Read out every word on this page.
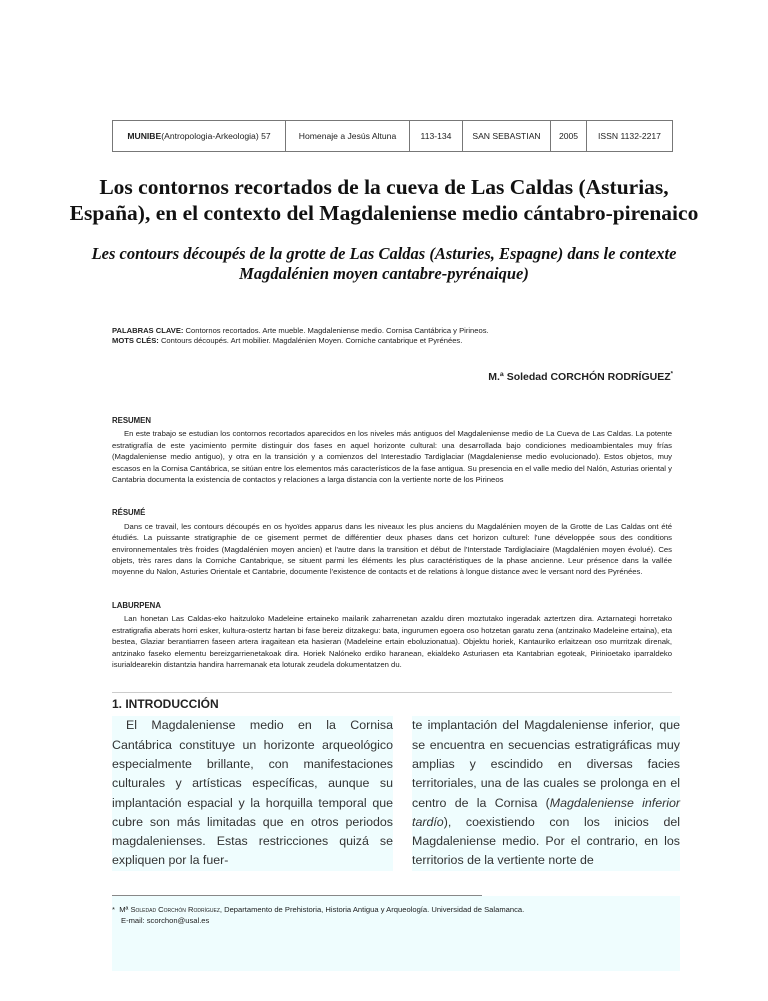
MUNIBE (Antropologia-Arkeologia) 57	Homenaje a Jesús Altuna	113-134	SAN SEBASTIAN	2005	ISSN 1132-2217
Los contornos recortados de la cueva de Las Caldas (Asturias, España), en el contexto del Magdaleniense medio cántabro-pirenaico
Les contours découpés de la grotte de Las Caldas (Asturies, Espagne) dans le contexte Magdalénien moyen cantabre-pyrénaique)
PALABRAS CLAVE: Contornos recortados. Arte mueble. Magdaleniense medio. Cornisa Cantábrica y Pirineos.
MOTS CLÉS: Contours découpés. Art mobilier. Magdalénien Moyen. Corniche cantabrique et Pyrénées.
M.ª Soledad CORCHÓN RODRÍGUEZ*
RESUMEN

En este trabajo se estudian los contornos recortados aparecidos en los niveles más antiguos del Magdaleniense medio de La Cueva de Las Caldas. La potente estratigrafía de este yacimiento permite distinguir dos fases en aquel horizonte cultural: una desarrollada bajo condiciones medioambientales muy frías (Magdaleniense medio antiguo), y otra en la transición y a comienzos del Interestadio Tardiglaciar (Magdaleniense medio evolucionado). Estos objetos, muy escasos en la Cornisa Cantábrica, se sitúan entre los elementos más característicos de la fase antigua. Su presencia en el valle medio del Nalón, Asturias oriental y Cantabria documenta la existencia de contactos y relaciones a larga distancia con la vertiente norte de los Pirineos

RÉSUMÉ

Dans ce travail, les contours découpés en os hyoïdes apparus dans les niveaux les plus anciens du Magdalénien moyen de la Grotte de Las Caldas ont été étudiés. La puissante stratigraphie de ce gisement permet de différentier deux phases dans cet horizon culturel: l'une développée sous des conditions environnementales très froides (Magdalénien moyen ancien) et l'autre dans la transition et début de l'Interstade Tardiglaciaire (Magdalénien moyen évolué). Ces objets, très rares dans la Corniche Cantabrique, se situent parmi les éléments les plus caractéristiques de la phase ancienne. Leur présence dans la vallée moyenne du Nalon, Asturies Orientale et Cantabrie, documente l'existence de contacts et de relations à longue distance avec le versant nord des Pyrénées.

LABURPENA

Lan honetan Las Caldas-eko haitzuloko Madeleine ertaineko mailarik zaharrenetan azaldu diren moztutako ingeradak aztertzen dira. Aztarnategi horretako estratigrafia aberats horri esker, kultura-ostertz hartan bi fase bereiz ditzakegu: bata, ingurumen egoera oso hotzetan garatu zena (antzinako Madeleine ertaina), eta bestea, Glaziar berantiarren faseen artera iragaitean eta hasieran (Madeleine ertain eboluzionatua). Objektu horiek, Kantauriko erlaitzean oso murritzak direnak, antzinako faseko elementu bereizgarrienetakoak dira. Horiek Nalóneko erdiko haranean, ekialdeko Asturiasen eta Kantabrian egoteak, Pirinioetako iparraldeko isurialdearekin distantzia handira harremanak eta loturak zeudela dokumentatzen du.

1. INTRODUCCIÓN

El Magdaleniense medio en la Cornisa Cantábrica constituye un horizonte arqueológico especialmente brillante, con manifestaciones culturales y artísticas específicas, aunque su implantación espacial y la horquilla temporal que cubre son más limitadas que en otros periodos magdalenienses. Estas restricciones quizá se expliquen por la fuer-

te implantación del Magdaleniense inferior, que se encuentra en secuencias estratigráficas muy amplias y escindido en diversas facies territoriales, una de las cuales se prolonga en el centro de la Cornisa (Magdaleniense inferior tardío), coexistiendo con los inicios del Magdaleniense medio. Por el contrario, en los territorios de la vertiente norte de

* Mª Soledad Corchón Rodríguez, Departamento de Prehistoria, Historia Antigua y Arqueología. Universidad de Salamanca.
E-mail: scorchon@usal.es
